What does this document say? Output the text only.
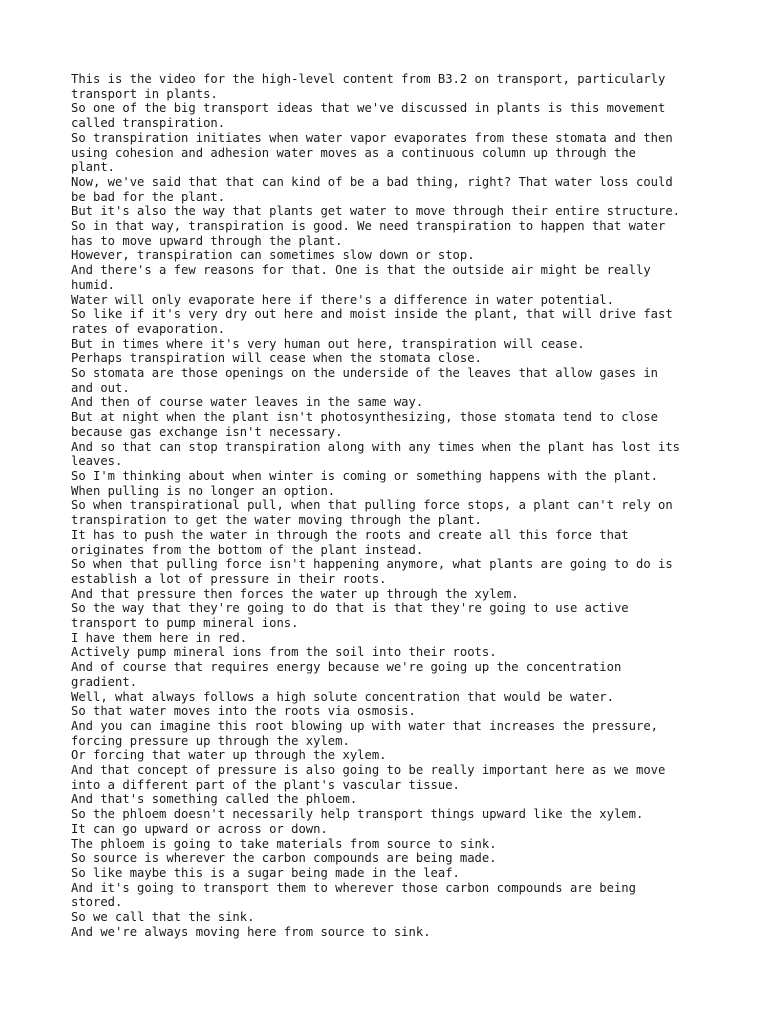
This is the video for the high-level content from B3.2 on transport, particularly
transport in plants.
So one of the big transport ideas that we've discussed in plants is this movement
called transpiration.
So transpiration initiates when water vapor evaporates from these stomata and then
using cohesion and adhesion water moves as a continuous column up through the
plant.
Now, we've said that that can kind of be a bad thing, right? That water loss could
be bad for the plant.
But it's also the way that plants get water to move through their entire structure.
So in that way, transpiration is good. We need transpiration to happen that water
has to move upward through the plant.
However, transpiration can sometimes slow down or stop.
And there's a few reasons for that. One is that the outside air might be really
humid.
Water will only evaporate here if there's a difference in water potential.
So like if it's very dry out here and moist inside the plant, that will drive fast
rates of evaporation.
But in times where it's very human out here, transpiration will cease.
Perhaps transpiration will cease when the stomata close.
So stomata are those openings on the underside of the leaves that allow gases in
and out.
And then of course water leaves in the same way.
But at night when the plant isn't photosynthesizing, those stomata tend to close
because gas exchange isn't necessary.
And so that can stop transpiration along with any times when the plant has lost its
leaves.
So I'm thinking about when winter is coming or something happens with the plant.
When pulling is no longer an option.
So when transpirational pull, when that pulling force stops, a plant can't rely on
transpiration to get the water moving through the plant.
It has to push the water in through the roots and create all this force that
originates from the bottom of the plant instead.
So when that pulling force isn't happening anymore, what plants are going to do is
establish a lot of pressure in their roots.
And that pressure then forces the water up through the xylem.
So the way that they're going to do that is that they're going to use active
transport to pump mineral ions.
I have them here in red.
Actively pump mineral ions from the soil into their roots.
And of course that requires energy because we're going up the concentration
gradient.
Well, what always follows a high solute concentration that would be water.
So that water moves into the roots via osmosis.
And you can imagine this root blowing up with water that increases the pressure,
forcing pressure up through the xylem.
Or forcing that water up through the xylem.
And that concept of pressure is also going to be really important here as we move
into a different part of the plant's vascular tissue.
And that's something called the phloem.
So the phloem doesn't necessarily help transport things upward like the xylem.
It can go upward or across or down.
The phloem is going to take materials from source to sink.
So source is wherever the carbon compounds are being made.
So like maybe this is a sugar being made in the leaf.
And it's going to transport them to wherever those carbon compounds are being
stored.
So we call that the sink.
And we're always moving here from source to sink.
